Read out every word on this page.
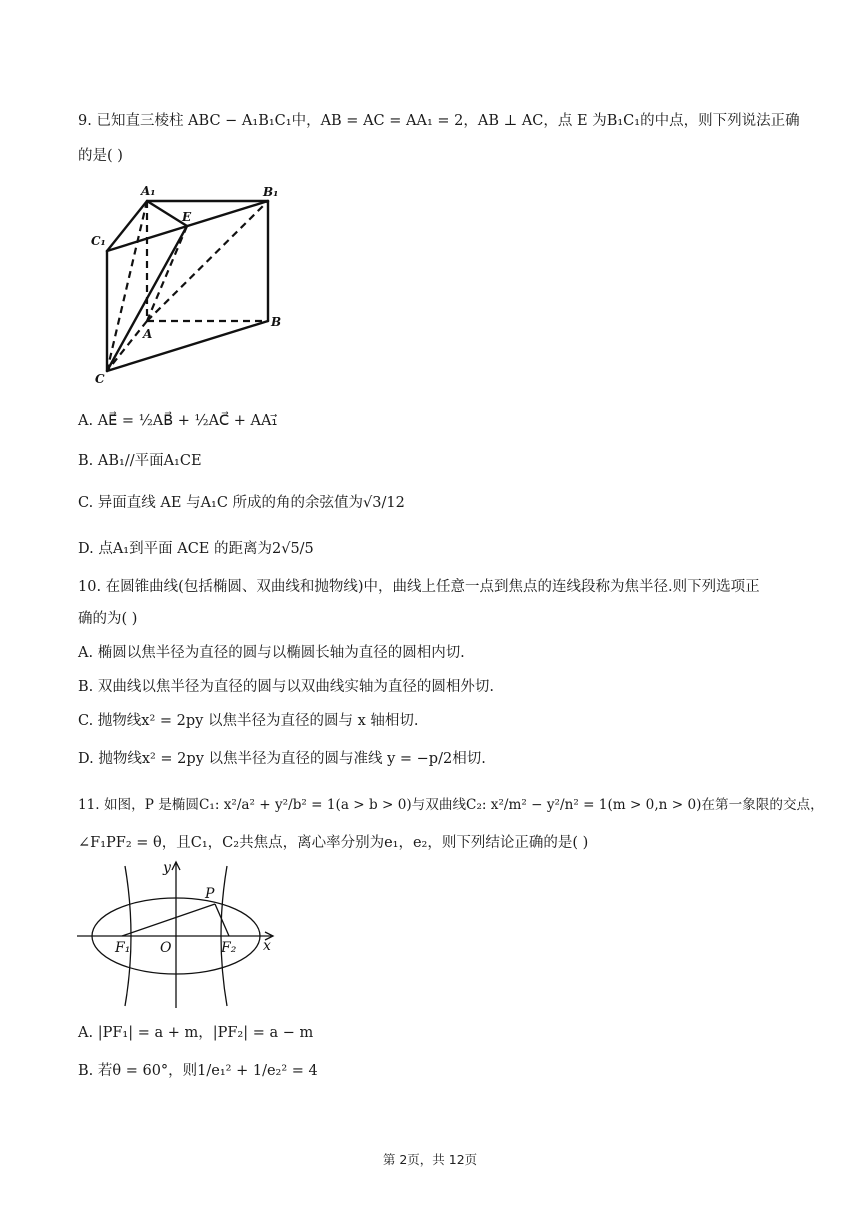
9. 已知直三棱柱 ABC − A₁B₁C₁中，AB = AC = AA₁ = 2，AB ⊥ AC，点 E 为B₁C₁的中点，则下列说法正确
的是( )
A₁	B₁
C₁
E
A
B
C
A. AE⃗ = ½AB⃗ + ½AC⃗ + AA₁⃗
B. AB₁//平面A₁CE
C. 异面直线 AE 与A₁C 所成的角的余弦值为√3/12
D. 点A₁到平面 ACE 的距离为2√5/5
10. 在圆锥曲线(包括椭圆、双曲线和抛物线)中，曲线上任意一点到焦点的连线段称为焦半径.则下列选项正
确的为( )
A. 椭圆以焦半径为直径的圆与以椭圆长轴为直径的圆相内切.
B. 双曲线以焦半径为直径的圆与以双曲线实轴为直径的圆相外切.
C. 抛物线x² = 2py 以焦半径为直径的圆与 x 轴相切.
D. 抛物线x² = 2py 以焦半径为直径的圆与准线 y = −p/2相切.
11. 如图，P 是椭圆C₁: x²/a² + y²/b² = 1(a > b > 0)与双曲线C₂: x²/m² − y²/n² = 1(m > 0,n > 0)在第一象限的交点，
∠F₁PF₂ = θ，且C₁，C₂共焦点，离心率分别为e₁，e₂，则下列结论正确的是( )
y
x
P
F₁ O	F₂
A. |PF₁| = a + m，|PF₂| = a − m
B. 若θ = 60°，则1/e₁² + 1/e₂² = 4
第 2页，共 12页
